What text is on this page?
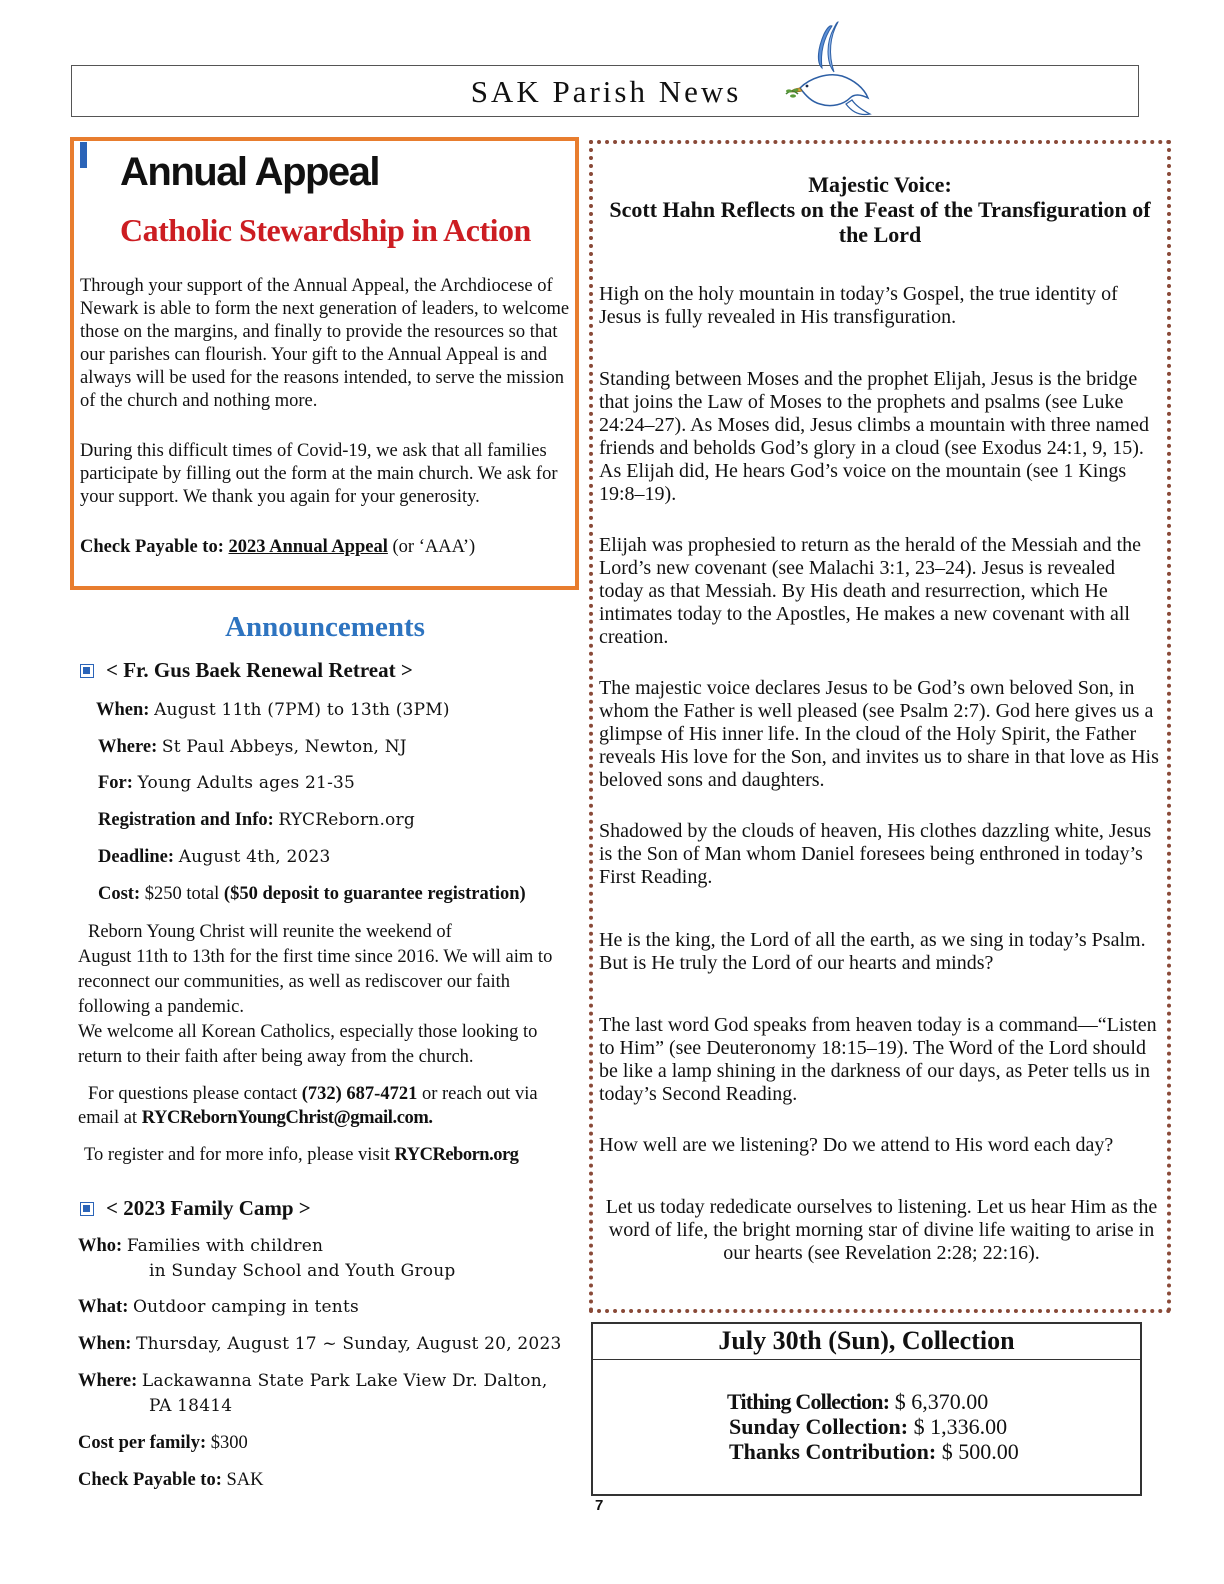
SAK Parish News
Annual Appeal
Catholic Stewardship in Action
Through your support of the Annual Appeal, the Archdiocese of Newark is able to form the next generation of leaders, to welcome those on the margins, and finally to provide the resources so that our parishes can flourish. Your gift to the Annual Appeal is and always will be used for the reasons intended, to serve the mission of the church and nothing more.
During this difficult times of Covid-19, we ask that all families participate by filling out the form at the main church. We ask for your support. We thank you again for your generosity.
Check Payable to: 2023 Annual Appeal (or ‘AAA’)
Announcements
< Fr. Gus Baek Renewal Retreat >
When: August 11th (7PM) to 13th (3PM)
Where: St Paul Abbeys, Newton, NJ
For: Young Adults ages 21-35
Registration and Info: RYCReborn.org
Deadline: August 4th, 2023
Cost: $250 total ($50 deposit to guarantee registration)
Reborn Young Christ will reunite the weekend of
August 11th to 13th for the first time since 2016. We will aim to reconnect our communities, as well as rediscover our faith following a pandemic.
We welcome all Korean Catholics, especially those looking to return to their faith after being away from the church.
For questions please contact (732) 687-4721 or reach out via email at RYCRebornYoungChrist@gmail.com.
To register and for more info, please visit RYCReborn.org
< 2023 Family Camp >
Who: Families with children
in Sunday School and Youth Group
What: Outdoor camping in tents
When: Thursday, August 17 ~ Sunday, August 20, 2023
Where: Lackawanna State Park Lake View Dr. Dalton,
PA 18414
Cost per family: $300
Check Payable to: SAK
Majestic Voice:
Scott Hahn Reflects on the Feast of the Transfiguration of the Lord
High on the holy mountain in today’s Gospel, the true identity of Jesus is fully revealed in His transfiguration.
Standing between Moses and the prophet Elijah, Jesus is the bridge that joins the Law of Moses to the prophets and psalms (see Luke 24:24–27). As Moses did, Jesus climbs a mountain with three named friends and beholds God’s glory in a cloud (see Exodus 24:1, 9, 15). As Elijah did, He hears God’s voice on the mountain (see 1 Kings 19:8–19).
Elijah was prophesied to return as the herald of the Messiah and the Lord’s new covenant (see Malachi 3:1, 23–24). Jesus is revealed today as that Messiah. By His death and resurrection, which He intimates today to the Apostles, He makes a new covenant with all creation.
The majestic voice declares Jesus to be God’s own beloved Son, in whom the Father is well pleased (see Psalm 2:7). God here gives us a glimpse of His inner life. In the cloud of the Holy Spirit, the Father reveals His love for the Son, and invites us to share in that love as His beloved sons and daughters.
Shadowed by the clouds of heaven, His clothes dazzling white, Jesus is the Son of Man whom Daniel foresees being enthroned in today’s First Reading.
He is the king, the Lord of all the earth, as we sing in today’s Psalm. But is He truly the Lord of our hearts and minds?
The last word God speaks from heaven today is a command—“Listen to Him” (see Deuteronomy 18:15–19). The Word of the Lord should be like a lamp shining in the darkness of our days, as Peter tells us in today’s Second Reading.
How well are we listening? Do we attend to His word each day?
Let us today rededicate ourselves to listening. Let us hear Him as the word of life, the bright morning star of divine life waiting to arise in our hearts (see Revelation 2:28; 22:16).
July 30th (Sun), Collection
Tithing Collection: $ 6,370.00
Sunday Collection: $ 1,336.00
Thanks Contribution: $ 500.00
7
